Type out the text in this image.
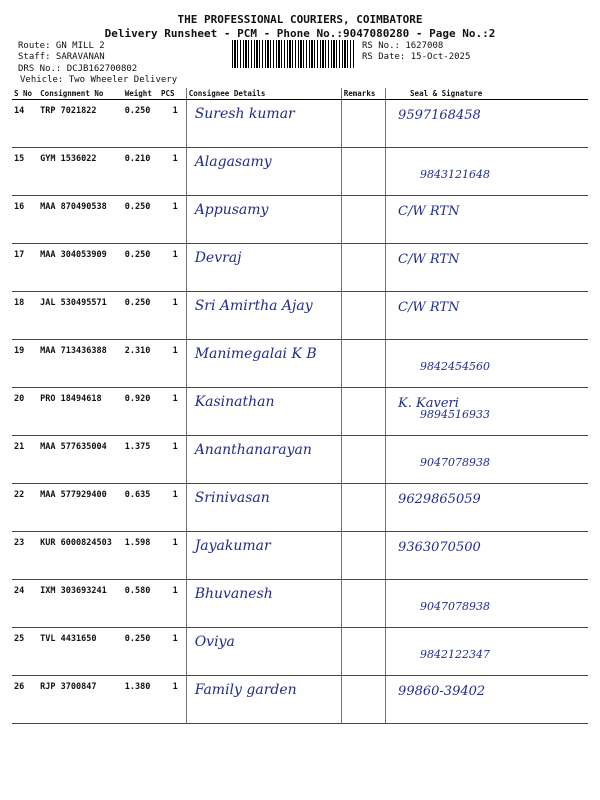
THE PROFESSIONAL COURIERS, COIMBATORE
Delivery Runsheet - PCM - Phone No.:9047080280 - Page No.:2
Route: GN MILL 2
Staff: SARAVANAN
DRS No.: DCJB162700802
Vehicle: Two Wheeler Delivery
RS No.: 1627008
RS Date: 15-Oct-2025
S No	Consignment No	Weight	PCS	Consignee Details	Remarks	Seal & Signature
14	TRP 7021822	0.250	1	Suresh kumar		9597168458

15	GYM 1536022	0.210	1	Alagasamy		9843121648

16	MAA 870490538	0.250	1	Appusamy		C/W RTN

17	MAA 304053909	0.250	1	Devraj		C/W RTN

18	JAL 530495571	0.250	1	Sri Amirtha Ajay		C/W RTN

19	MAA 713436388	2.310	1	Manimegalai K B		9842454560

20	PRO 18494618	0.920	1	Kasinathan		K. Kaveri
9894516933

21	MAA 577635004	1.375	1	Ananthanarayan		9047078938

22	MAA 577929400	0.635	1	Srinivasan		9629865059

23	KUR 6000824503	1.598	1	Jayakumar		9363070500

24	IXM 303693241	0.580	1	Bhuvanesh		9047078938

25	TVL 4431650	0.250	1	Oviya		9842122347

26	RJP 3700847	1.380	1	Family garden		99860-39402
